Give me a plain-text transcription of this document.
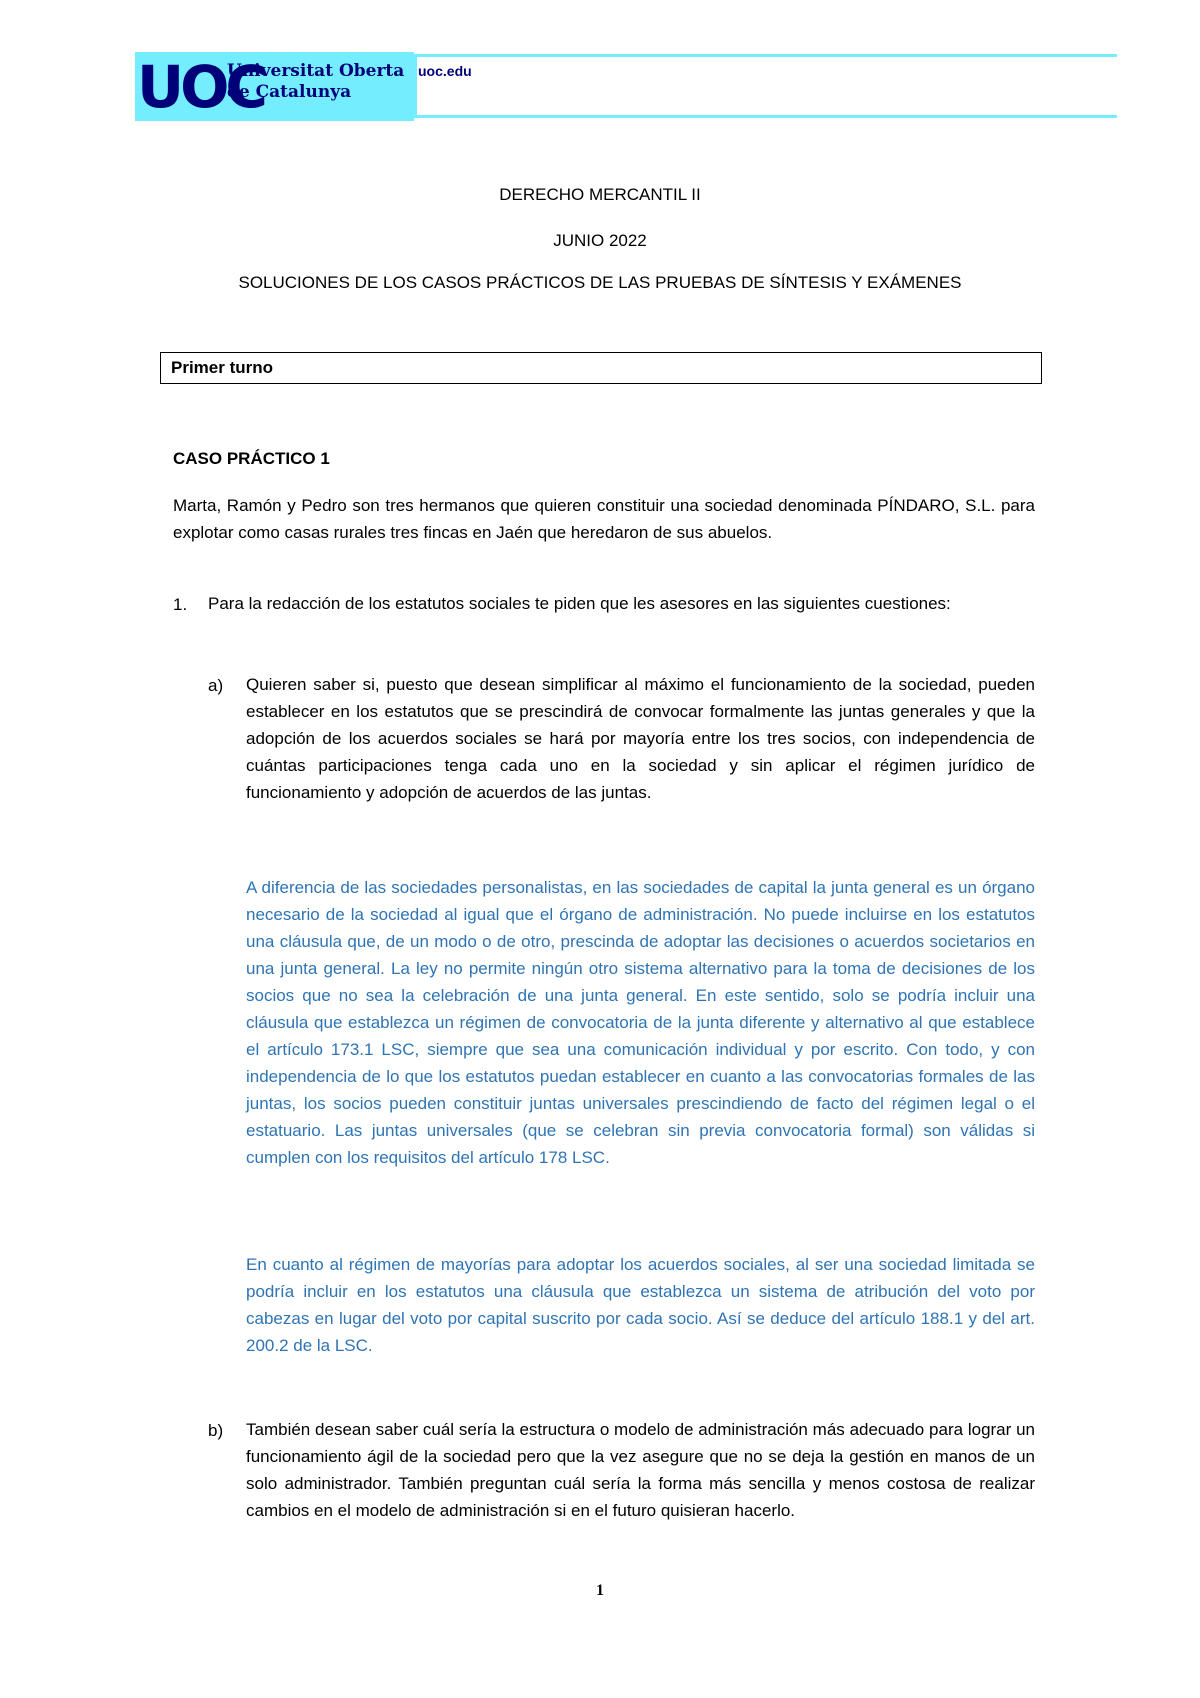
UOC
Universitat Oberta
de Catalunya
uoc.edu
DERECHO MERCANTIL II
JUNIO 2022
SOLUCIONES DE LOS CASOS PRÁCTICOS DE LAS PRUEBAS DE SÍNTESIS Y EXÁMENES
Primer turno
CASO PRÁCTICO 1
Marta, Ramón y Pedro son tres hermanos que quieren constituir una sociedad denominada PÍNDARO, S.L. para explotar como casas rurales tres fincas en Jaén que heredaron de sus abuelos.
1. Para la redacción de los estatutos sociales te piden que les asesores en las siguientes cuestiones:
a) Quieren saber si, puesto que desean simplificar al máximo el funcionamiento de la sociedad, pueden establecer en los estatutos que se prescindirá de convocar formalmente las juntas generales y que la adopción de los acuerdos sociales se hará por mayoría entre los tres socios, con independencia de cuántas participaciones tenga cada uno en la sociedad y sin aplicar el régimen jurídico de funcionamiento y adopción de acuerdos de las juntas.
A diferencia de las sociedades personalistas, en las sociedades de capital la junta general es un órgano necesario de la sociedad al igual que el órgano de administración. No puede incluirse en los estatutos una cláusula que, de un modo o de otro, prescinda de adoptar las decisiones o acuerdos societarios en una junta general. La ley no permite ningún otro sistema alternativo para la toma de decisiones de los socios que no sea la celebración de una junta general. En este sentido, solo se podría incluir una cláusula que establezca un régimen de convocatoria de la junta diferente y alternativo al que establece el artículo 173.1 LSC, siempre que sea una comunicación individual y por escrito. Con todo, y con independencia de lo que los estatutos puedan establecer en cuanto a las convocatorias formales de las juntas, los socios pueden constituir juntas universales prescindiendo de facto del régimen legal o el estatuario. Las juntas universales (que se celebran sin previa convocatoria formal) son válidas si cumplen con los requisitos del artículo 178 LSC.
En cuanto al régimen de mayorías para adoptar los acuerdos sociales, al ser una sociedad limitada se podría incluir en los estatutos una cláusula que establezca un sistema de atribución del voto por cabezas en lugar del voto por capital suscrito por cada socio. Así se deduce del artículo 188.1 y del art. 200.2 de la LSC.
b) También desean saber cuál sería la estructura o modelo de administración más adecuado para lograr un funcionamiento ágil de la sociedad pero que la vez asegure que no se deja la gestión en manos de un solo administrador. También preguntan cuál sería la forma más sencilla y menos costosa de realizar cambios en el modelo de administración si en el futuro quisieran hacerlo.
1
